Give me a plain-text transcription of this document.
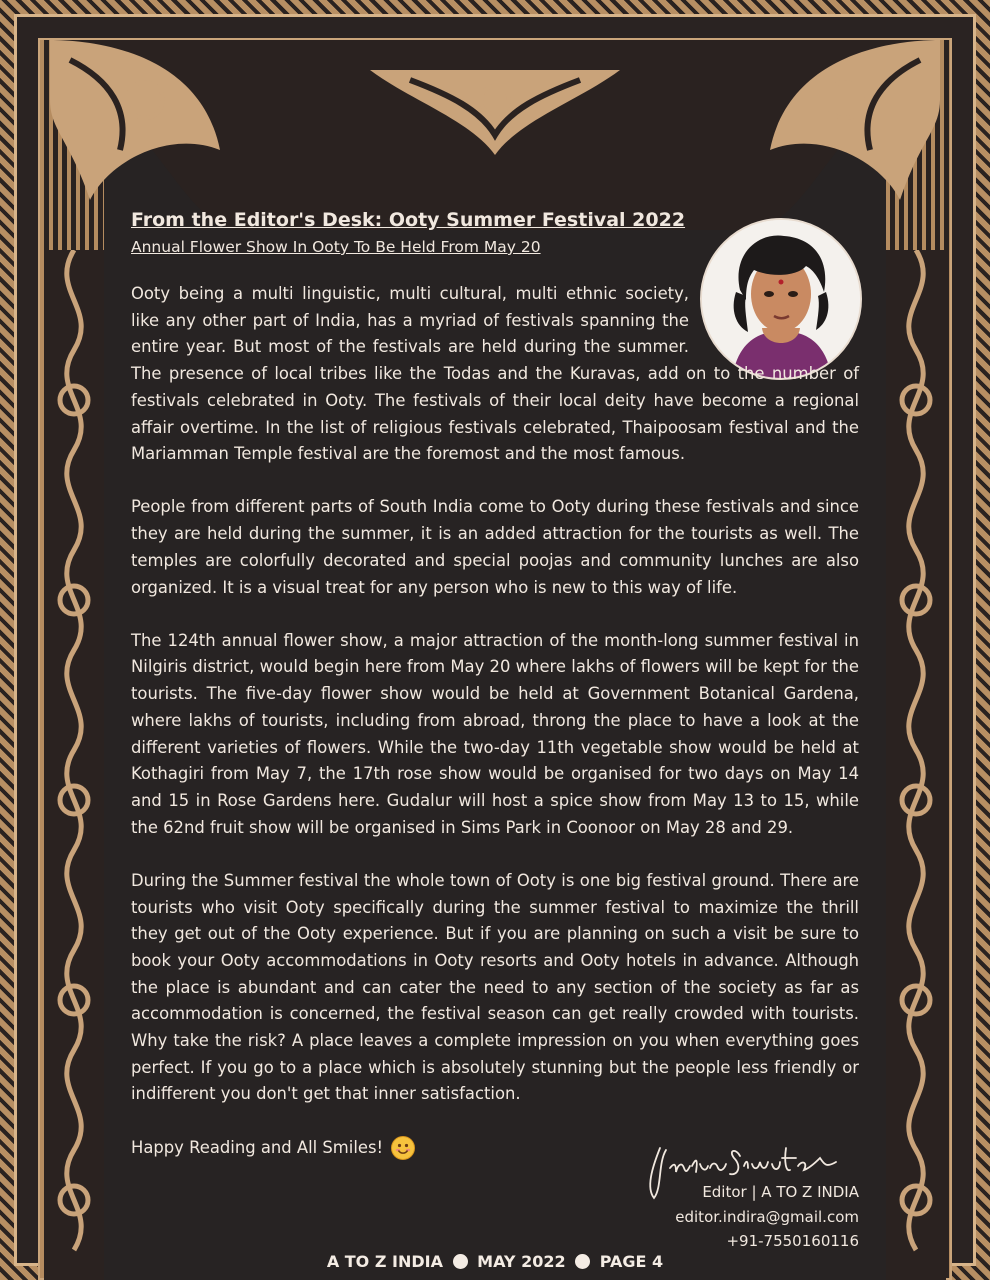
From the Editor's Desk: Ooty Summer Festival 2022

Annual Flower Show In Ooty To Be Held From May 20

Ooty being a multi linguistic, multi cultural, multi ethnic society, like any other part of India, has a myriad of festivals spanning the entire year. But most of the festivals are held during the summer. The presence of local tribes like the Todas and the Kuravas, add on to the number of festivals celebrated in Ooty. The festivals of their local deity have become a regional affair overtime. In the list of religious festivals celebrated, Thaipoosam festival and the Mariamman Temple festival are the foremost and the most famous.

People from different parts of South India come to Ooty during these festivals and since they are held during the summer, it is an added attraction for the tourists as well. The temples are colorfully decorated and special poojas and community lunches are also organized. It is a visual treat for any person who is new to this way of life.

The 124th annual flower show, a major attraction of the month-long summer festival in Nilgiris district, would begin here from May 20 where lakhs of flowers will be kept for the tourists. The five-day flower show would be held at Government Botanical Gardena, where lakhs of tourists, including from abroad, throng the place to have a look at the different varieties of flowers. While the two-day 11th vegetable show would be held at Kothagiri from May 7, the 17th rose show would be organised for two days on May 14 and 15 in Rose Gardens here. Gudalur will host a spice show from May 13 to 15, while the 62nd fruit show will be organised in Sims Park in Coonoor on May 28 and 29.

During the Summer festival the whole town of Ooty is one big festival ground. There are tourists who visit Ooty specifically during the summer festival to maximize the thrill they get out of the Ooty experience. But if you are planning on such a visit be sure to book your Ooty accommodations in Ooty resorts and Ooty hotels in advance. Although the place is abundant and can cater the need to any section of the society as far as accommodation is concerned, the festival season can get really crowded with tourists. Why take the risk? A place leaves a complete impression on you when everything goes perfect. If you go to a place which is absolutely stunning but the people less friendly or indifferent you don't get that inner satisfaction.

Happy Reading and All Smiles!
Editor | A TO Z INDIA
editor.indira@gmail.com
+91-7550160116
A TO Z INDIA MAY 2022 PAGE 4
